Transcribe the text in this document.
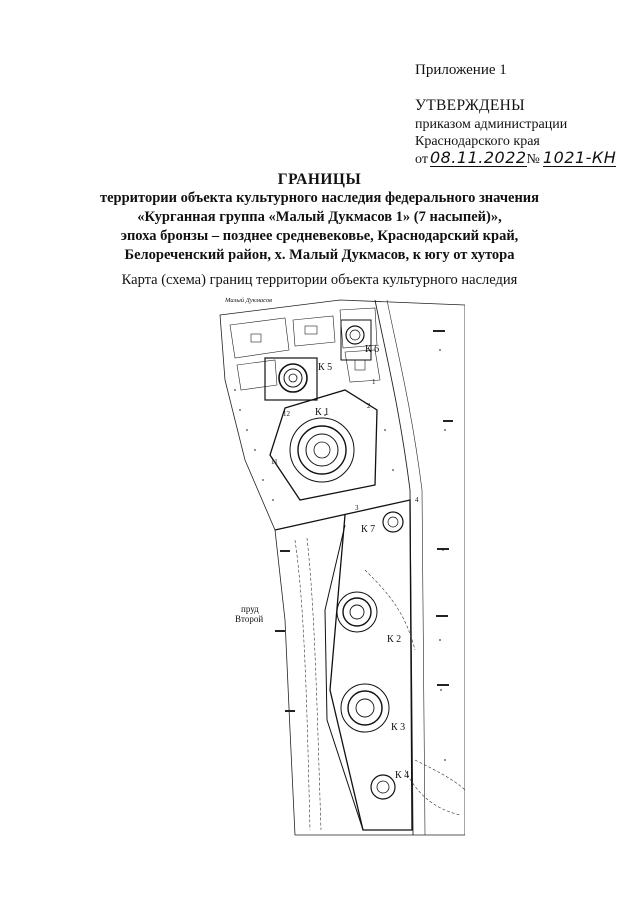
Приложение 1
УТВЕРЖДЕНЫ
приказом администрации
Краснодарского края
от 08.11.2022 № 1021-КН
ГРАНИЦЫ
территории объекта культурного наследия федерального значения
«Курганная группа «Малый Дукмасов 1» (7 насыпей)»,
эпоха бронзы – позднее средневековье, Краснодарский край,
Белореченский район, х. Малый Дукмасов, к югу от хутора
Карта (схема) границ территории объекта культурного наследия
Малый Дукмасов
пруд
Второй
К 1
К 2
К 3
К 4
К 5
К 6
К 7
1
2
3
4
11
12
